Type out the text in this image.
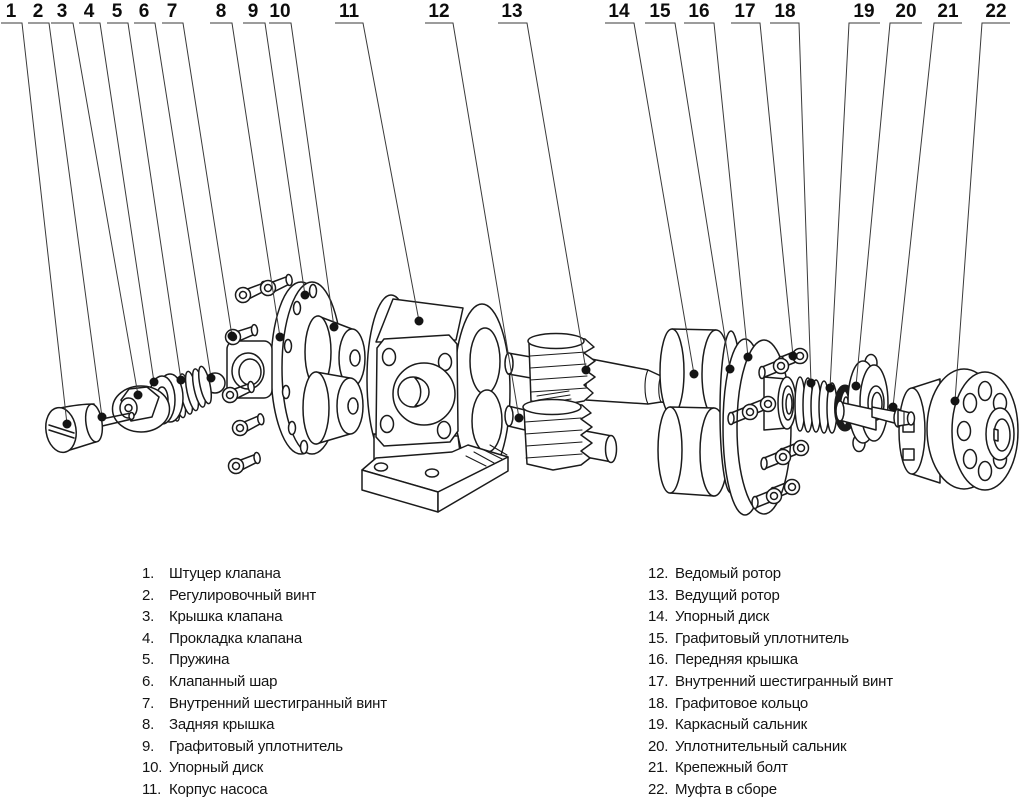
1 2 3 4 5 6 7 8 9 10	11	12	13	14 15 16 17 18	19 20 21 22
1. Штуцер клапана
2. Регулировочный винт
3. Крышка клапана
4. Прокладка клапана
5. Пружина
6. Клапанный шар
7. Внутренний шестигранный винт
8. Задняя крышка
9. Графитовый уплотнитель
10. Упорный диск
11. Корпус насоса
12. Ведомый ротор
13. Ведущий ротор
14. Упорный диск
15. Графитовый уплотнитель
16. Передняя крышка
17. Внутренний шестигранный винт
18. Графитовое кольцо
19. Каркасный сальник
20. Уплотнительный сальник
21. Крепежный болт
22. Муфта в сборе
